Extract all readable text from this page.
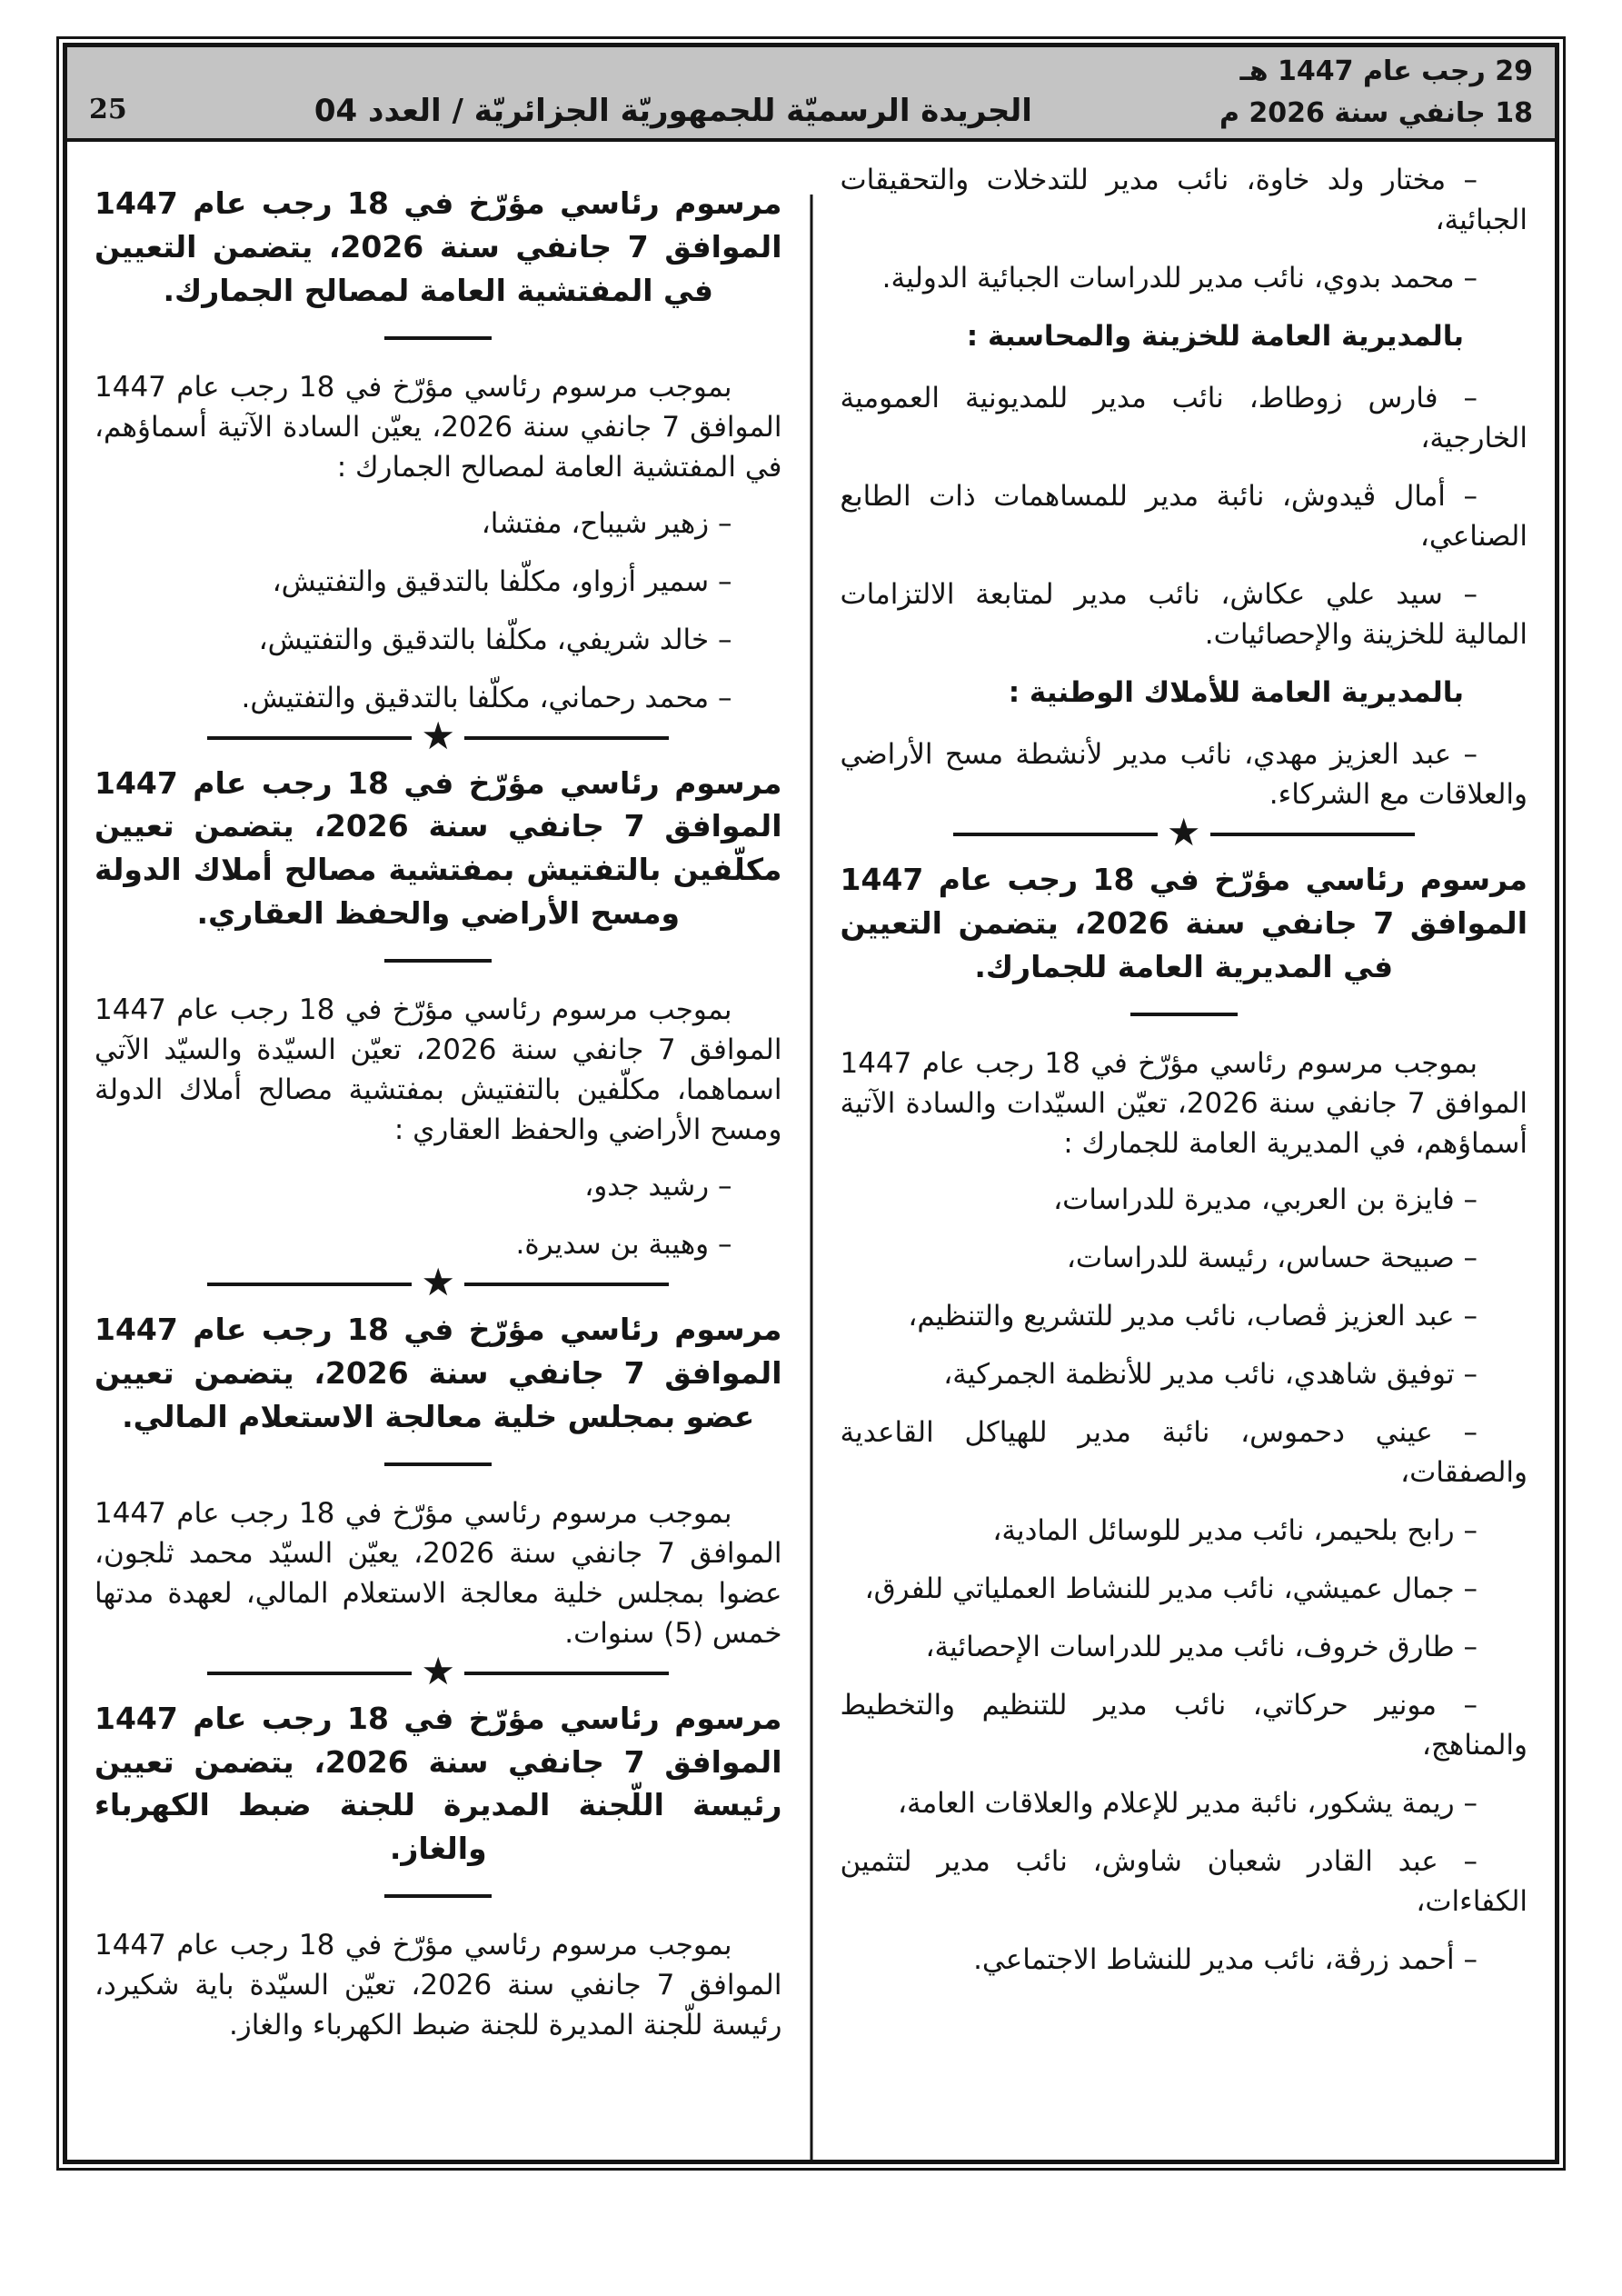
29 رجب عام 1447 هـ
18 جانفي سنة 2026 م
الجريدة الرسميّة للجمهوريّة الجزائريّة / العدد 04
25
– مختار ولد خاوة، نائب مدير للتدخلات والتحقيقات الجبائية،
– محمد بدوي، نائب مدير للدراسات الجبائية الدولية.
بالمديرية العامة للخزينة والمحاسبة :
– فارس زوطاط، نائب مدير للمديونية العمومية الخارجية،
– أمال ڤيدوش، نائبة مدير للمساهمات ذات الطابع الصناعي،
– سيد علي عكاش، نائب مدير لمتابعة الالتزامات المالية للخزينة والإحصائيات.
بالمديرية العامة للأملاك الوطنية :
– عبد العزيز مهدي، نائب مدير لأنشطة مسح الأراضي والعلاقات مع الشركاء.
★
مرسوم رئاسي مؤرّخ في 18 رجب عام 1447 الموافق 7 جانفي سنة 2026، يتضمن التعيين في المديرية العامة للجمارك.
بموجب مرسوم رئاسي مؤرّخ في 18 رجب عام 1447 الموافق 7 جانفي سنة 2026، تعيّن السيّدات والسادة الآتية أسماؤهم، في المديرية العامة للجمارك :
– فايزة بن العربي، مديرة للدراسات،
– صبيحة حساس، رئيسة للدراسات،
– عبد العزيز ڤصاب، نائب مدير للتشريع والتنظيم،
– توفيق شاهدي، نائب مدير للأنظمة الجمركية،
– عيني دحموس، نائبة مدير للهياكل القاعدية والصفقات،
– رابح بلحيمر، نائب مدير للوسائل المادية،
– جمال عميشي، نائب مدير للنشاط العملياتي للفرق،
– طارق خروف، نائب مدير للدراسات الإحصائية،
– مونير حركاتي، نائب مدير للتنظيم والتخطيط والمناهج،
– ريمة يشكور، نائبة مدير للإعلام والعلاقات العامة،
– عبد القادر شعبان شاوش، نائب مدير لتثمين الكفاءات،
– أحمد زرڤة، نائب مدير للنشاط الاجتماعي.
مرسوم رئاسي مؤرّخ في 18 رجب عام 1447 الموافق 7 جانفي سنة 2026، يتضمن التعيين في المفتشية العامة لمصالح الجمارك.
بموجب مرسوم رئاسي مؤرّخ في 18 رجب عام 1447 الموافق 7 جانفي سنة 2026، يعيّن السادة الآتية أسماؤهم، في المفتشية العامة لمصالح الجمارك :
– زهير شيباح، مفتشا،
– سمير أزواو، مكلّفا بالتدقيق والتفتيش،
– خالد شريفي، مكلّفا بالتدقيق والتفتيش،
– محمد رحماني، مكلّفا بالتدقيق والتفتيش.
★
مرسوم رئاسي مؤرّخ في 18 رجب عام 1447 الموافق 7 جانفي سنة 2026، يتضمن تعيين مكلّفين بالتفتيش بمفتشية مصالح أملاك الدولة ومسح الأراضي والحفظ العقاري.
بموجب مرسوم رئاسي مؤرّخ في 18 رجب عام 1447 الموافق 7 جانفي سنة 2026، تعيّن السيّدة والسيّد الآتي اسماهما، مكلّفين بالتفتيش بمفتشية مصالح أملاك الدولة ومسح الأراضي والحفظ العقاري :
– رشيد جدو،
– وهيبة بن سديرة.
★
مرسوم رئاسي مؤرّخ في 18 رجب عام 1447 الموافق 7 جانفي سنة 2026، يتضمن تعيين عضو بمجلس خلية معالجة الاستعلام المالي.
بموجب مرسوم رئاسي مؤرّخ في 18 رجب عام 1447 الموافق 7 جانفي سنة 2026، يعيّن السيّد محمد ثلجون، عضوا بمجلس خلية معالجة الاستعلام المالي، لعهدة مدتها خمس (5) سنوات.
★
مرسوم رئاسي مؤرّخ في 18 رجب عام 1447 الموافق 7 جانفي سنة 2026، يتضمن تعيين رئيسة اللّجنة المديرة للجنة ضبط الكهرباء والغاز.
بموجب مرسوم رئاسي مؤرّخ في 18 رجب عام 1447 الموافق 7 جانفي سنة 2026، تعيّن السيّدة باية شكيرد، رئيسة للّجنة المديرة للجنة ضبط الكهرباء والغاز.
